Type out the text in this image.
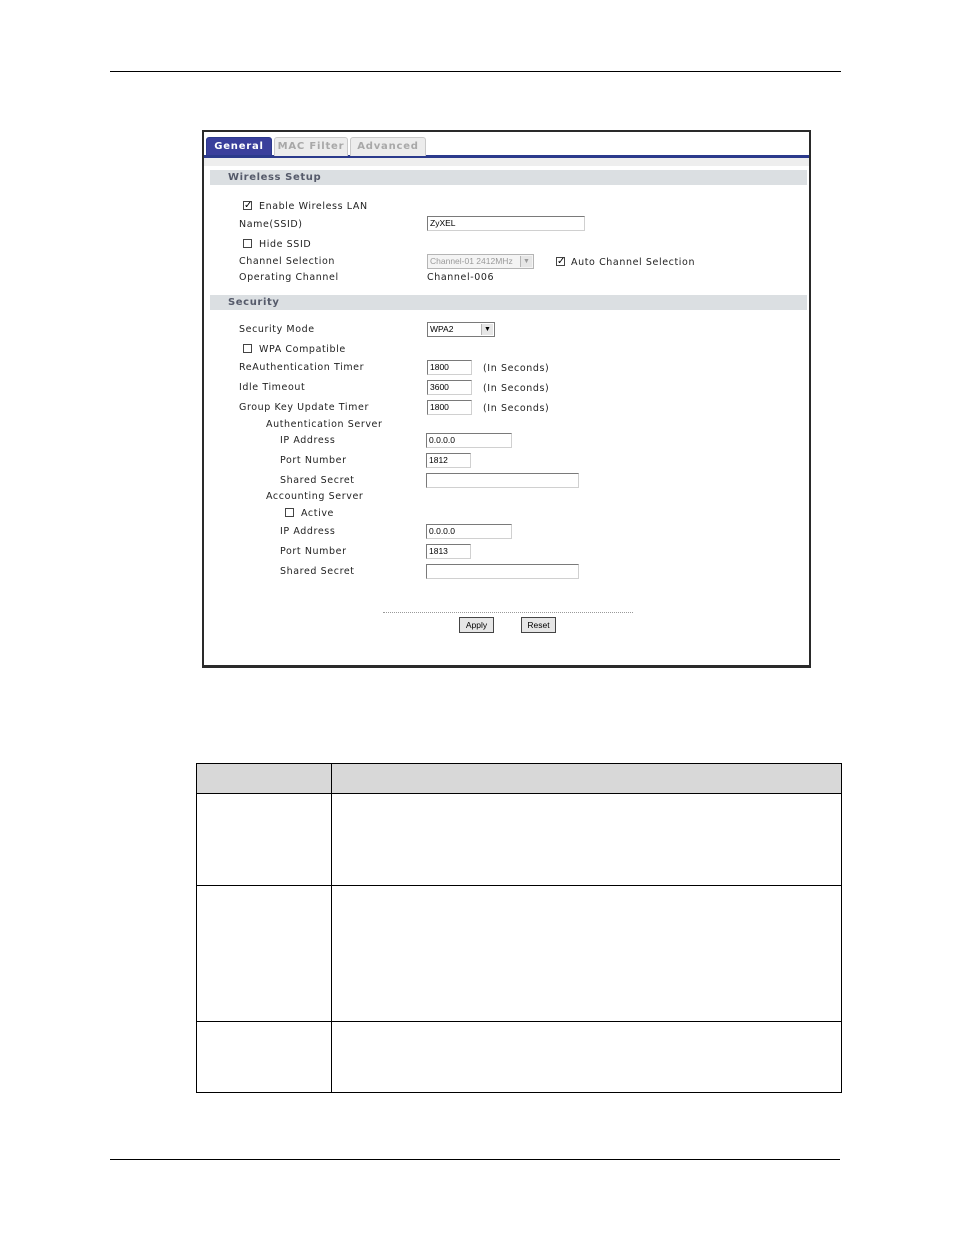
General	MAC Filter	Advanced
Wireless Setup
✓ Enable Wireless LAN
Name(SSID)	ZyXEL
Hide SSID
Channel Selection	Channel-01 2412MHz	▼	✓ Auto Channel Selection
Operating Channel	Channel-006
Security
Security Mode	WPA2	▼
WPA Compatible
ReAuthentication Timer	1800	(In Seconds)
Idle Timeout	3600	(In Seconds)
Group Key Update Timer	1800	(In Seconds)
Authentication Server
IP Address	0.0.0.0
Port Number	1812
Shared Secret
Accounting Server
Active
IP Address	0.0.0.0
Port Number	1813
Shared Secret
Apply	Reset
